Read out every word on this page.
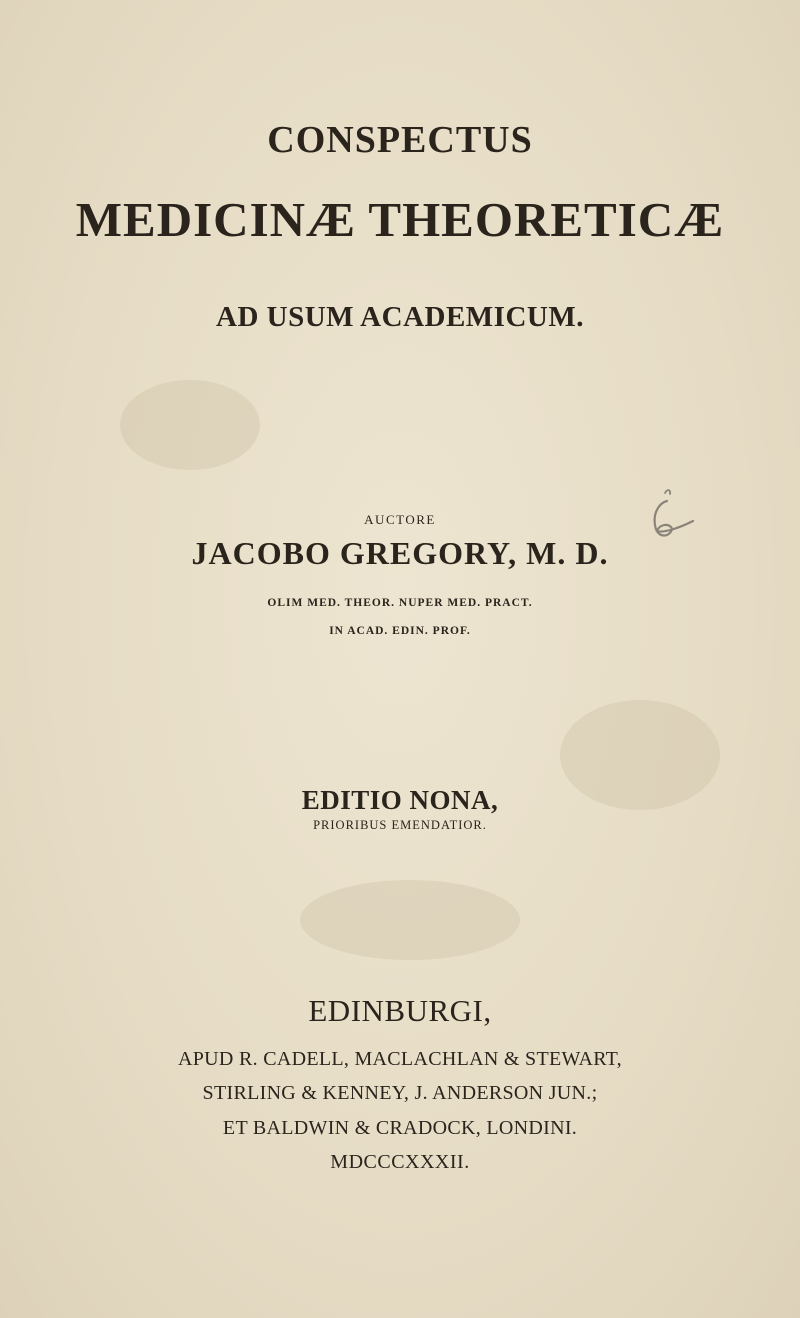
CONSPECTUS
MEDICINÆ THEORETICÆ
AD USUM ACADEMICUM.
AUCTORE
JACOBO GREGORY, M. D.
OLIM MED. THEOR. NUPER MED. PRACT.
IN ACAD. EDIN. PROF.
EDITIO NONA,
PRIORIBUS EMENDATIOR.
EDINBURGI,
APUD R. CADELL, MACLACHLAN & STEWART,
STIRLING & KENNEY, J. ANDERSON JUN.;
ET BALDWIN & CRADOCK, LONDINI.
MDCCCXXXII.
